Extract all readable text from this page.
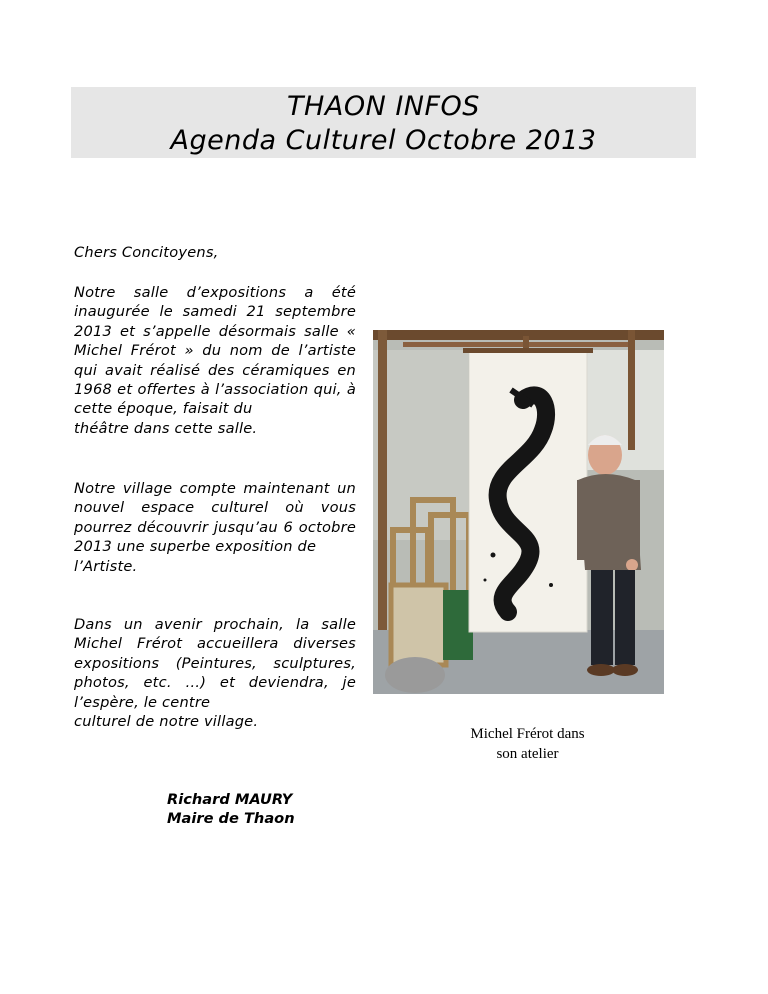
THAON INFOS
Agenda Culturel Octobre 2013
Chers Concitoyens,
Notre salle d’expositions a été inaugurée le samedi 21 septembre 2013 et s’appelle désormais salle « Michel Frérot » du nom de l’artiste qui avait réalisé des céramiques en 1968 et offertes à l’association qui, à cette époque, faisait du
théâtre dans cette salle.
Notre village compte maintenant un nouvel espace culturel où vous pourrez découvrir jusqu’au 6 octobre 2013 une superbe exposition de
l’Artiste.
Dans un avenir prochain, la salle Michel Frérot accueillera diverses expositions (Peintures, sculptures, photos, etc. …) et deviendra, je l’espère, le centre
culturel de notre village.
Richard MAURY
Maire de Thaon
Michel Frérot dans
son atelier
